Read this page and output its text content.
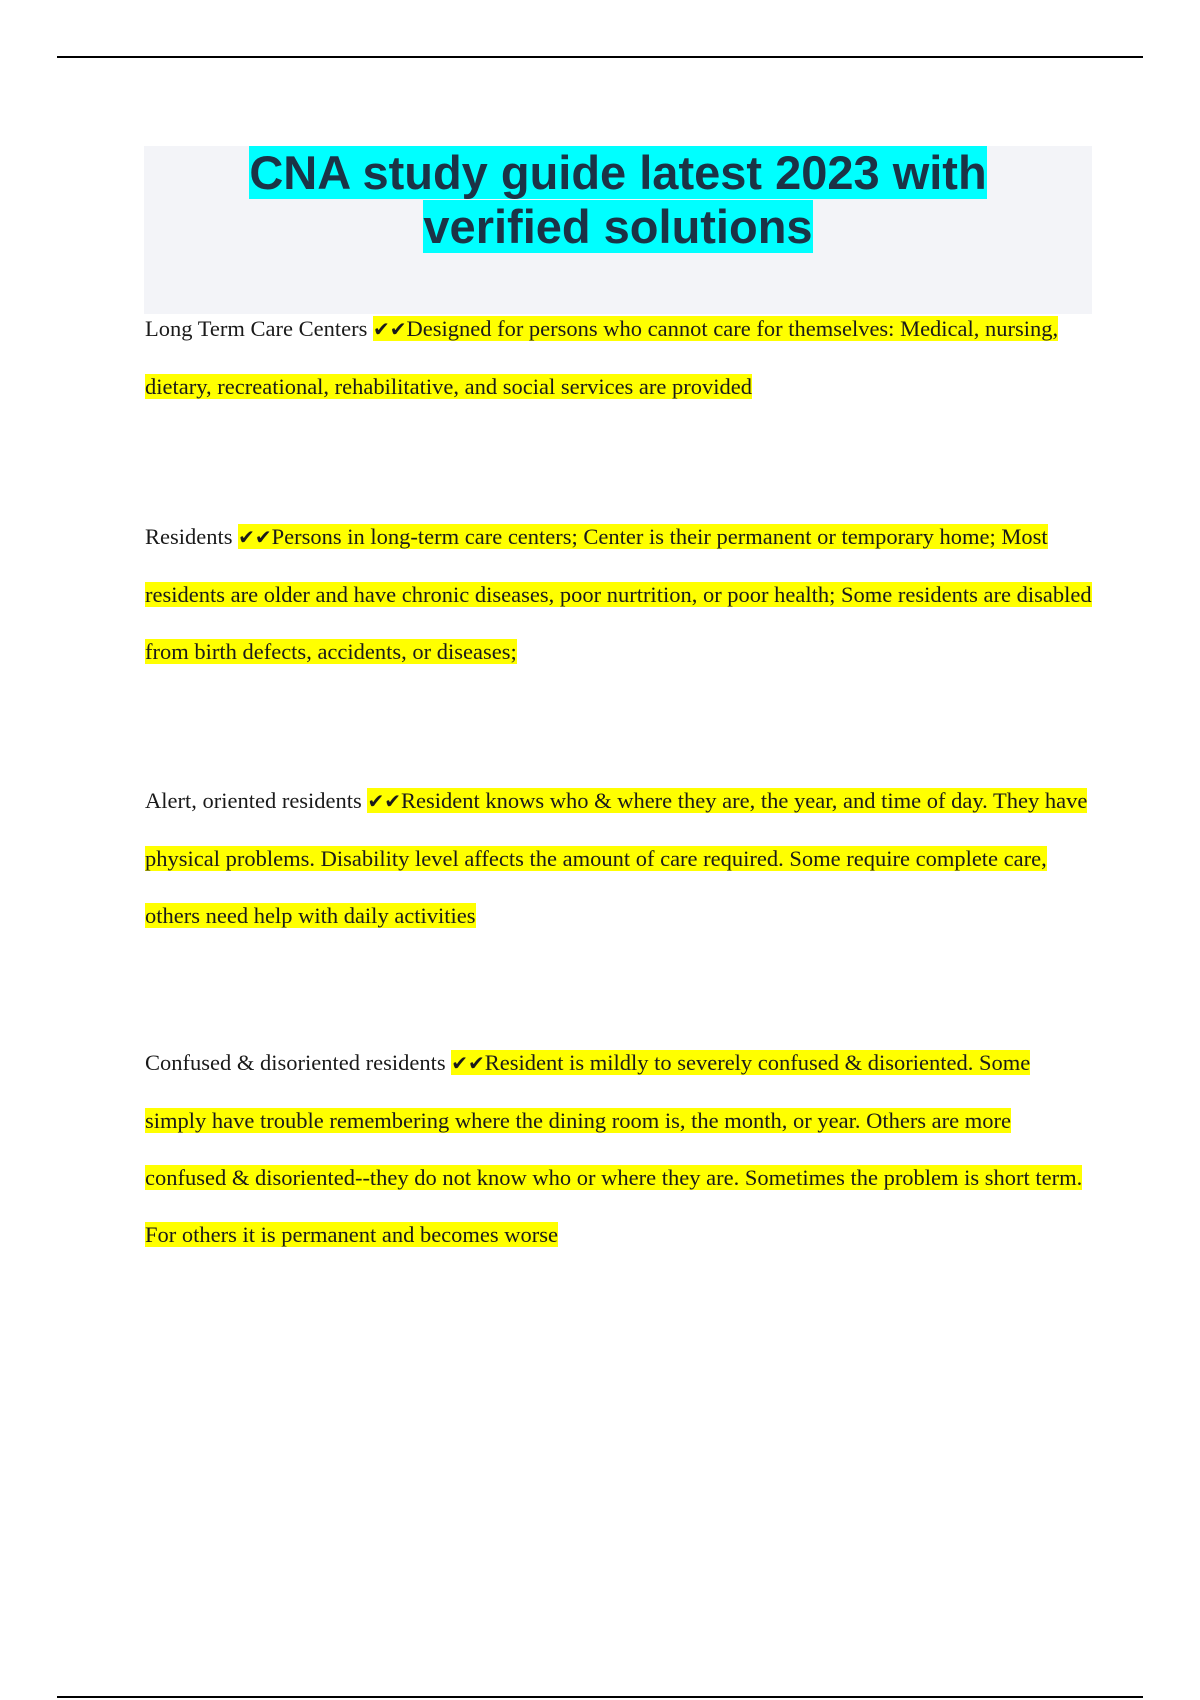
CNA study guide latest 2023 with
verified solutions
Long Term Care Centers ✔✔Designed for persons who cannot care for themselves: Medical, nursing, dietary, recreational, rehabilitative, and social services are provided
Residents ✔✔Persons in long-term care centers; Center is their permanent or temporary home; Most residents are older and have chronic diseases, poor nurtrition, or poor health; Some residents are disabled from birth defects, accidents, or diseases;
Alert, oriented residents ✔✔Resident knows who & where they are, the year, and time of day. They have physical problems. Disability level affects the amount of care required. Some require complete care, others need help with daily activities
Confused & disoriented residents ✔✔Resident is mildly to severely confused & disoriented. Some simply have trouble remembering where the dining room is, the month, or year. Others are more confused & disoriented--they do not know who or where they are. Sometimes the problem is short term. For others it is permanent and becomes worse
